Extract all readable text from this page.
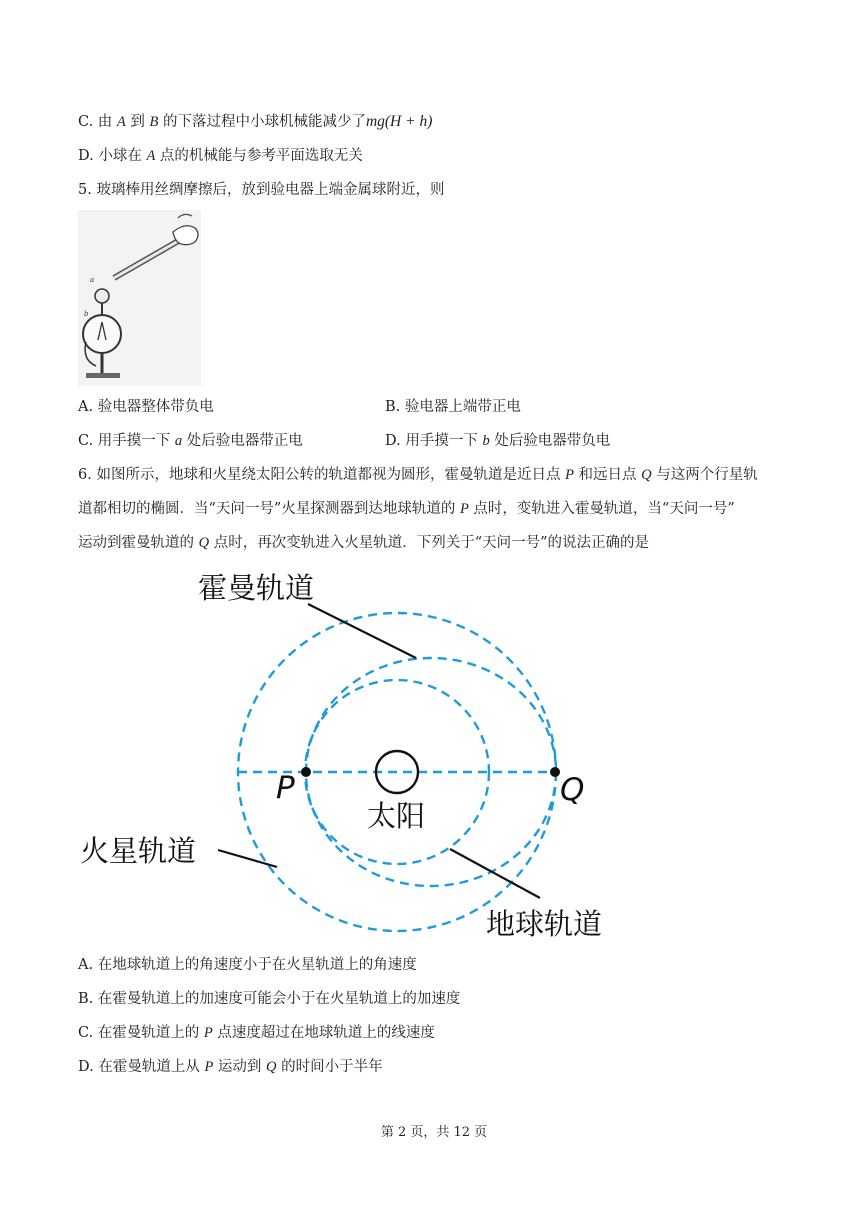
C. 由 A 到 B 的下落过程中小球机械能减少了mg(H + h)
D. 小球在 A 点的机械能与参考平面选取无关
5. 玻璃棒用丝绸摩擦后，放到验电器上端金属球附近，则
a
b
A. 验电器整体带负电	B. 验电器上端带正电
C. 用手摸一下 a 处后验电器带正电	D. 用手摸一下 b 处后验电器带负电
6. 如图所示，地球和火星绕太阳公转的轨道都视为圆形，霍曼轨道是近日点 P 和远日点 Q 与这两个行星轨
道都相切的椭圆．当“天问一号”火星探测器到达地球轨道的 P 点时，变轨进入霍曼轨道，当“天问一号”
运动到霍曼轨道的 Q 点时，再次变轨进入火星轨道．下列关于“天问一号”的说法正确的是
霍曼轨道
火星轨道
地球轨道
太阳
P	Q
A. 在地球轨道上的角速度小于在火星轨道上的角速度
B. 在霍曼轨道上的加速度可能会小于在火星轨道上的加速度
C. 在霍曼轨道上的 P 点速度超过在地球轨道上的线速度
D. 在霍曼轨道上从 P 运动到 Q 的时间小于半年
第 2 页，共 12 页
